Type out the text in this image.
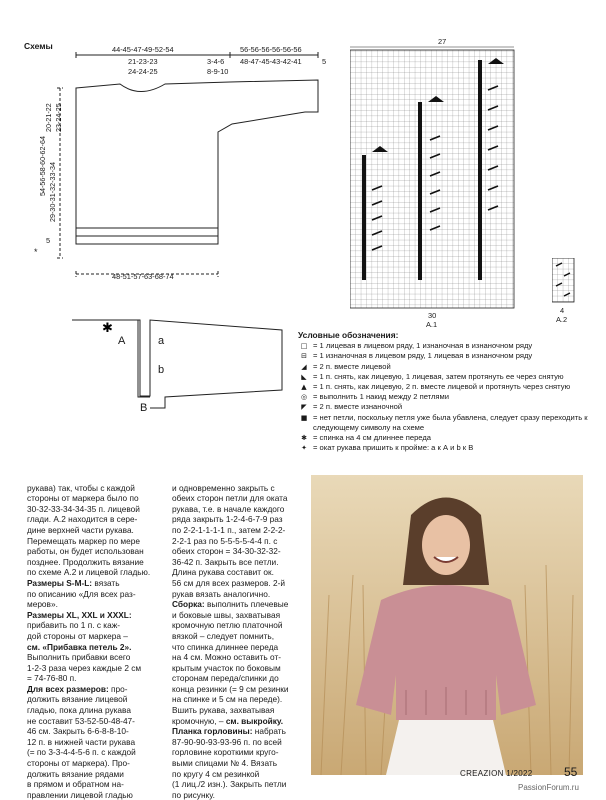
Схемы
✱
44-45-47-49-52-54
21-23-23
24-24-25
3-4-6
8-9-10
56-56-56-56-56-56
48-47-45-43-42-41	5
54-56-58-60-62-64
20-21-22 23-24-25
29-30-31-32-33-34
5
*
48-51-57-63-68-74
A	a
b
B
27
30
A.1
4
A.2
Условные обозначения:
□ = 1 лицевая в лицевом ряду, 1 изнаночная в изнаночном ряду
⊟ = 1 изнаночная в лицевом ряду, 1 лицевая в изнаночном ряду
◢ = 2 п. вместе лицевой
◣ = 1 п. снять, как лицевую, 1 лицевая, затем протянуть ее через снятую
▲ = 1 п. снять, как лицевую, 2 п. вместе лицевой и протянуть через снятую
◎ = выполнить 1 накид между 2 петлями
◤ = 2 п. вместе изнаночной
■ = нет петли, поскольку петля уже была убавлена, следует сразу переходить к следующему символу на схеме
✱ = спинка на 4 см длиннее переда
✦ = окат рукава пришить к пройме: а к А и b к В

рукава) так, чтобы с каждой
стороны от маркера было по
30-32-33-34-34-35 п. лицевой
глади. А.2 находится в сере-
дине верхней части рукава.
Перемещать маркер по мере
работы, он будет использован
позднее. Продолжить вязание
по схеме А.2 и лицевой гладью.
Размеры S-M-L: вязать
по описанию «Для всех раз-
меров».
Размеры XL, XXL и XXXL:
прибавить по 1 п. с каж-
дой стороны от маркера –
см. «Прибавка петель 2».
Выполнить прибавки всего
1-2-3 раза через каждые 2 см
= 74-76-80 п.
Для всех размеров: про-
должить вязание лицевой
гладью, пока длина рукава
не составит 53-52-50-48-47-
46 см. Закрыть 6-6-8-8-10-
12 п. в нижней части рукава
(= по 3-3-4-4-5-6 п. с каждой
стороны от маркера). Про-
должить вязание рядами
в прямом и обратном на-
правлении лицевой гладью

и одновременно закрыть с
обеих сторон петли для оката
рукава, т.е. в начале каждого
ряда закрыть 1-2-4-6-7-9 раз
по 2-2-1-1-1-1 п., затем 2-2-2-
2-2-1 раз по 5-5-5-5-4-4 п. с
обеих сторон = 34-30-32-32-
36-42 п. Закрыть все петли.
Длина рукава составит ок.
56 см для всех размеров. 2-й
рукав вязать аналогично.
Сборка: выполнить плечевые
и боковые швы, захватывая
кромочную петлю платочной
вязкой – следует помнить,
что спинка длиннее переда
на 4 см. Можно оставить от-
крытым участок по боковым
сторонам переда/спинки до
конца резинки (= 9 см резинки
на спинке и 5 см на переде).
Вшить рукава, захватывая
кромочную, – см. выкройку.
Планка горловины: набрать
87-90-90-93-93-96 п. по всей
горловине короткими круго-
выми спицами № 4. Вязать
по кругу 4 см резинкой
(1 лиц./2 изн.). Закрыть петли
по рисунку.

CREAZION 1/2022	55
PassionForum.ru
